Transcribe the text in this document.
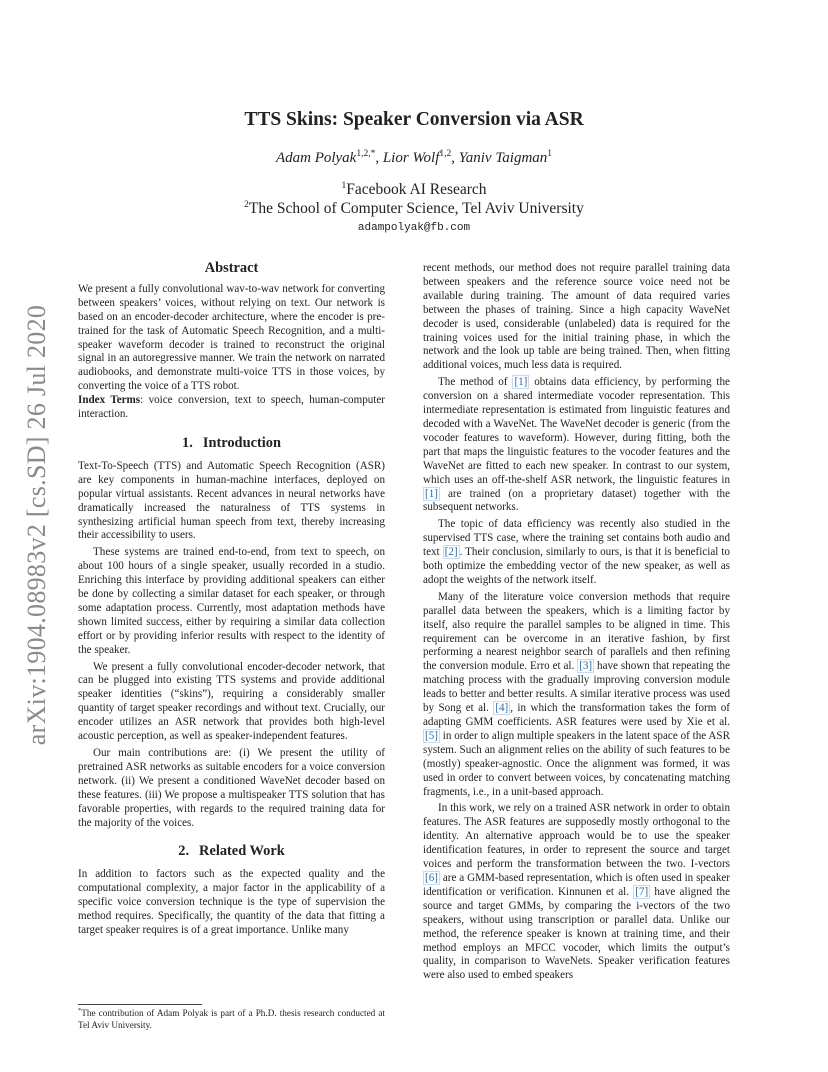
arXiv:1904.08983v2 [cs.SD] 26 Jul 2020
TTS Skins: Speaker Conversion via ASR
Adam Polyak$^{1,2,*}$, Lior Wolf$^{1,2}$, Yaniv Taigman$^1$
$^1$Facebook AI Research
$^2$The School of Computer Science, Tel Aviv University
adampolyak@fb.com
Abstract

We present a fully convolutional wav-to-wav network for converting between speakers’ voices, without relying on text. Our network is based on an encoder-decoder architecture, where the encoder is pre-trained for the task of Automatic Speech Recognition, and a multi-speaker waveform decoder is trained to reconstruct the original signal in an autoregressive manner. We train the network on narrated audiobooks, and demonstrate multi-voice TTS in those voices, by converting the voice of a TTS robot.

Index Terms: voice conversion, text to speech, human-computer interaction.

1. Introduction

Text-To-Speech (TTS) and Automatic Speech Recognition (ASR) are key components in human-machine interfaces, deployed on popular virtual assistants. Recent advances in neural networks have dramatically increased the naturalness of TTS systems in synthesizing artificial human speech from text, thereby increasing their accessibility to users.

These systems are trained end-to-end, from text to speech, on about 100 hours of a single speaker, usually recorded in a studio. Enriching this interface by providing additional speakers can either be done by collecting a similar dataset for each speaker, or through some adaptation process. Currently, most adaptation methods have shown limited success, either by requiring a similar data collection effort or by providing inferior results with respect to the identity of the speaker.

We present a fully convolutional encoder-decoder network, that can be plugged into existing TTS systems and provide additional speaker identities (“skins”), requiring a considerably smaller quantity of target speaker recordings and without text. Crucially, our encoder utilizes an ASR network that provides both high-level acoustic perception, as well as speaker-independent features.

Our main contributions are: (i) We present the utility of pretrained ASR networks as suitable encoders for a voice conversion network. (ii) We present a conditioned WaveNet decoder based on these features. (iii) We propose a multispeaker TTS solution that has favorable properties, with regards to the required training data for the majority of the voices.

2. Related Work

In addition to factors such as the expected quality and the computational complexity, a major factor in the applicability of a specific voice conversion technique is the type of supervision the method requires. Specifically, the quantity of the data that fitting a target speaker requires is of a great importance. Unlike many

recent methods, our method does not require parallel training data between speakers and the reference source voice need not be available during training. The amount of data required varies between the phases of training. Since a high capacity WaveNet decoder is used, considerable (unlabeled) data is required for the training voices used for the initial training phase, in which the network and the look up table are being trained. Then, when fitting additional voices, much less data is required.

The method of [1] obtains data efficiency, by performing the conversion on a shared intermediate vocoder representation. This intermediate representation is estimated from linguistic features and decoded with a WaveNet. The WaveNet decoder is generic (from the vocoder features to waveform). However, during fitting, both the part that maps the linguistic features to the vocoder features and the WaveNet are fitted to each new speaker. In contrast to our system, which uses an off-the-shelf ASR network, the linguistic features in [1] are trained (on a proprietary dataset) together with the subsequent networks.

The topic of data efficiency was recently also studied in the supervised TTS case, where the training set contains both audio and text [2] . Their conclusion, similarly to ours, is that it is beneficial to both optimize the embedding vector of the new speaker, as well as adopt the weights of the network itself.

Many of the literature voice conversion methods that require parallel data between the speakers, which is a limiting factor by itself, also require the parallel samples to be aligned in time. This requirement can be overcome in an iterative fashion, by first performing a nearest neighbor search of parallels and then refining the conversion module. Erro et al. [3] have shown that repeating the matching process with the gradually improving conversion module leads to better and better results. A similar iterative process was used by Song et al. [4] , in which the transformation takes the form of adapting GMM coefficients. ASR features were used by Xie et al. [5] in order to align multiple speakers in the latent space of the ASR system. Such an alignment relies on the ability of such features to be (mostly) speaker-agnostic. Once the alignment was formed, it was used in order to convert between voices, by concatenating matching fragments, i.e., in a unit-based approach.

In this work, we rely on a trained ASR network in order to obtain features. The ASR features are supposedly mostly orthogonal to the identity. An alternative approach would be to use the speaker identification features, in order to represent the source and target voices and perform the transformation between the two. I-vectors [6] are a GMM-based representation, which is often used in speaker identification or verification. Kinnunen et al. [7] have aligned the source and target GMMs, by comparing the i-vectors of the two speakers, without using transcription or parallel data. Unlike our method, the reference speaker is known at training time, and their method employs an MFCC vocoder, which limits the output’s quality, in comparison to WaveNets. Speaker verification features were also used to embed speakers

*The contribution of Adam Polyak is part of a Ph.D. thesis research conducted at Tel Aviv University.
